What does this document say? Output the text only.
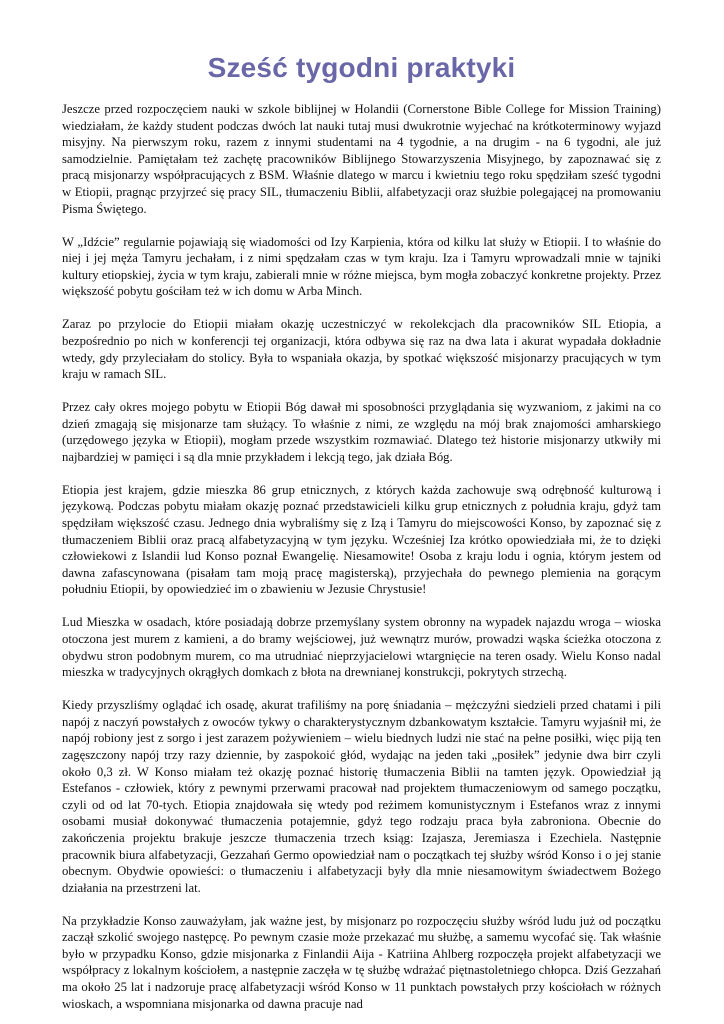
Sześć tygodni praktyki

Jeszcze przed rozpoczęciem nauki w szkole biblijnej w Holandii (Cornerstone Bible College for Mission Training) wiedziałam, że każdy student podczas dwóch lat nauki tutaj musi dwukrotnie wyjechać na krótkoterminowy wyjazd misyjny. Na pierwszym roku, razem z innymi studentami na 4 tygodnie, a na drugim - na 6 tygodni, ale już samodzielnie. Pamiętałam też zachętę pracowników Biblijnego Stowarzyszenia Misyjnego, by zapoznawać się z pracą misjonarzy współpracujących z BSM. Właśnie dlatego w marcu i kwietniu tego roku spędziłam sześć tygodni w Etiopii, pragnąc przyjrzeć się pracy SIL, tłumaczeniu Biblii, alfabetyzacji oraz służbie polegającej na promowaniu Pisma Świętego.

W „Idźcie” regularnie pojawiają się wiadomości od Izy Karpienia, która od kilku lat służy w Etiopii. I to właśnie do niej i jej męża Tamyru jechałam, i z nimi spędzałam czas w tym kraju. Iza i Tamyru wprowadzali mnie w tajniki kultury etiopskiej, życia w tym kraju, zabierali mnie w różne miejsca, bym mogła zobaczyć konkretne projekty. Przez większość pobytu gościłam też w ich domu w Arba Minch.

Zaraz po przylocie do Etiopii miałam okazję uczestniczyć w rekolekcjach dla pracowników SIL Etiopia, a bezpośrednio po nich w konferencji tej organizacji, która odbywa się raz na dwa lata i akurat wypadała dokładnie wtedy, gdy przyleciałam do stolicy. Była to wspaniała okazja, by spotkać większość misjonarzy pracujących w tym kraju w ramach SIL.

Przez cały okres mojego pobytu w Etiopii Bóg dawał mi sposobności przyglądania się wyzwaniom, z jakimi na co dzień zmagają się misjonarze tam służący. To właśnie z nimi, ze względu na mój brak znajomości amharskiego (urzędowego języka w Etiopii), mogłam przede wszystkim rozmawiać. Dlatego też historie misjonarzy utkwiły mi najbardziej w pamięci i są dla mnie przykładem i lekcją tego, jak działa Bóg.

Etiopia jest krajem, gdzie mieszka 86 grup etnicznych, z których każda zachowuje swą odrębność kulturową i językową. Podczas pobytu miałam okazję poznać przedstawicieli kilku grup etnicznych z południa kraju, gdyż tam spędziłam większość czasu. Jednego dnia wybraliśmy się z Izą i Tamyru do miejscowości Konso, by zapoznać się z tłumaczeniem Biblii oraz pracą alfabetyzacyjną w tym języku. Wcześniej Iza krótko opowiedziała mi, że to dzięki człowiekowi z Islandii lud Konso poznał Ewangelię. Niesamowite! Osoba z kraju lodu i ognia, którym jestem od dawna zafascynowana (pisałam tam moją pracę magisterską), przyjechała do pewnego plemienia na gorącym południu Etiopii, by opowiedzieć im o zbawieniu w Jezusie Chrystusie!

Lud Mieszka w osadach, które posiadają dobrze przemyślany system obronny na wypadek najazdu wroga – wioska otoczona jest murem z kamieni, a do bramy wejściowej, już wewnątrz murów, prowadzi wąska ścieżka otoczona z obydwu stron podobnym murem, co ma utrudniać nieprzyjacielowi wtargnięcie na teren osady. Wielu Konso nadal mieszka w tradycyjnych okrągłych domkach z błota na drewnianej konstrukcji, pokrytych strzechą.

Kiedy przyszliśmy oglądać ich osadę, akurat trafiliśmy na porę śniadania – mężczyźni siedzieli przed chatami i pili napój z naczyń powstałych z owoców tykwy o charakterystycznym dzbankowatym kształcie. Tamyru wyjaśnił mi, że napój robiony jest z sorgo i jest zarazem pożywieniem – wielu biednych ludzi nie stać na pełne posiłki, więc piją ten zagęszczony napój trzy razy dziennie, by zaspokoić głód, wydając na jeden taki „posiłek” jedynie dwa birr czyli około 0,3 zł. W Konso miałam też okazję poznać historię tłumaczenia Biblii na tamten język. Opowiedział ją Estefanos - człowiek, który z pewnymi przerwami pracował nad projektem tłumaczeniowym od samego początku, czyli od od lat 70-tych. Etiopia znajdowała się wtedy pod reżimem komunistycznym i Estefanos wraz z innymi osobami musiał dokonywać tłumaczenia potajemnie, gdyż tego rodzaju praca była zabroniona. Obecnie do zakończenia projektu brakuje jeszcze tłumaczenia trzech ksiąg: Izajasza, Jeremiasza i Ezechiela. Następnie pracownik biura alfabetyzacji, Gezzahań Germo opowiedział nam o początkach tej służby wśród Konso i o jej stanie obecnym. Obydwie opowieści: o tłumaczeniu i alfabetyzacji były dla mnie niesamowitym świadectwem Bożego działania na przestrzeni lat.

Na przykładzie Konso zauważyłam, jak ważne jest, by misjonarz po rozpoczęciu służby wśród ludu już od początku zaczął szkolić swojego następcę. Po pewnym czasie może przekazać mu służbę, a samemu wycofać się. Tak właśnie było w przypadku Konso, gdzie misjonarka z Finlandii Aija - Katriina Ahlberg rozpoczęła projekt alfabetyzacji we współpracy z lokalnym kościołem, a następnie zaczęła w tę służbę wdrażać piętnastoletniego chłopca. Dziś Gezzahań ma około 25 lat i nadzoruje pracę alfabetyzacji wśród Konso w 11 punktach powstałych przy kościołach w różnych wioskach, a wspomniana misjonarka od dawna pracuje nad
